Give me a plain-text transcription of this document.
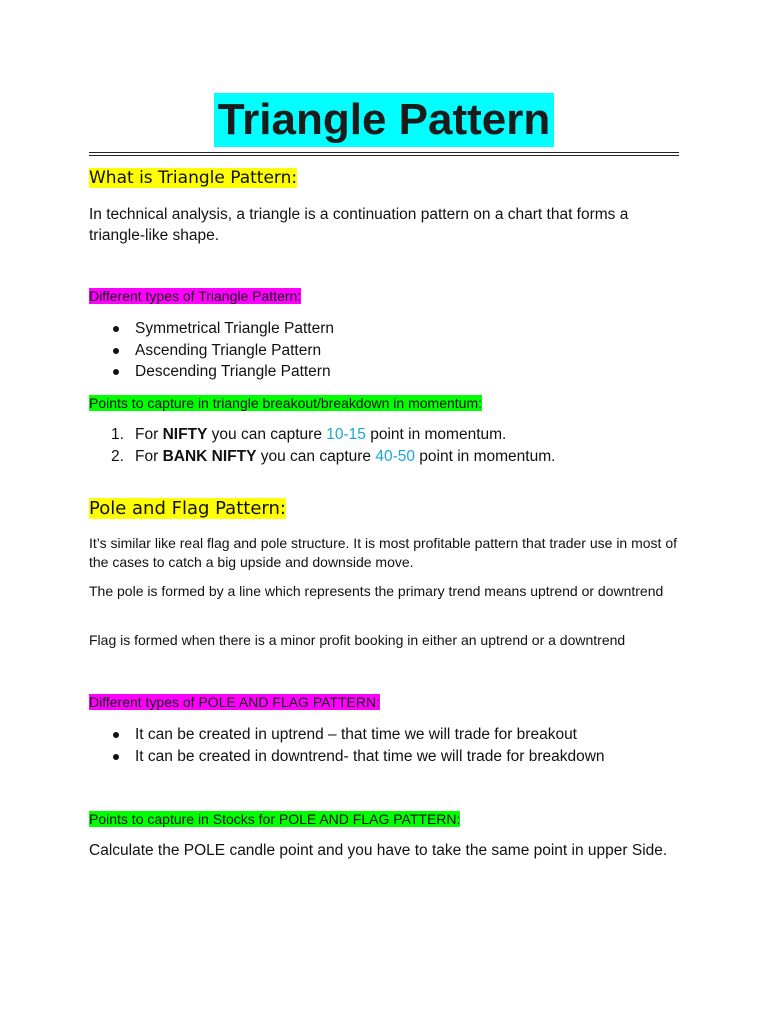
Triangle Pattern
What is Triangle Pattern:
In technical analysis, a triangle is a continuation pattern on a chart that forms a triangle-like shape.
Different types of Triangle Pattern:
Symmetrical Triangle Pattern
Ascending Triangle Pattern
Descending Triangle Pattern
Points to capture in triangle breakout/breakdown in momentum:
1. For NIFTY you can capture 10-15 point in momentum.
2. For BANK NIFTY you can capture 40-50 point in momentum.
Pole and Flag Pattern:
It’s similar like real flag and pole structure. It is most profitable pattern that trader use in most of the cases to catch a big upside and downside move.
The pole is formed by a line which represents the primary trend means uptrend or downtrend
Flag is formed when there is a minor profit booking in either an uptrend or a downtrend
Different types of POLE AND FLAG PATTERN:
It can be created in uptrend – that time we will trade for breakout
It can be created in downtrend- that time we will trade for breakdown
Points to capture in Stocks for POLE AND FLAG PATTERN:
Calculate the POLE candle point and you have to take the same point in upper Side.
